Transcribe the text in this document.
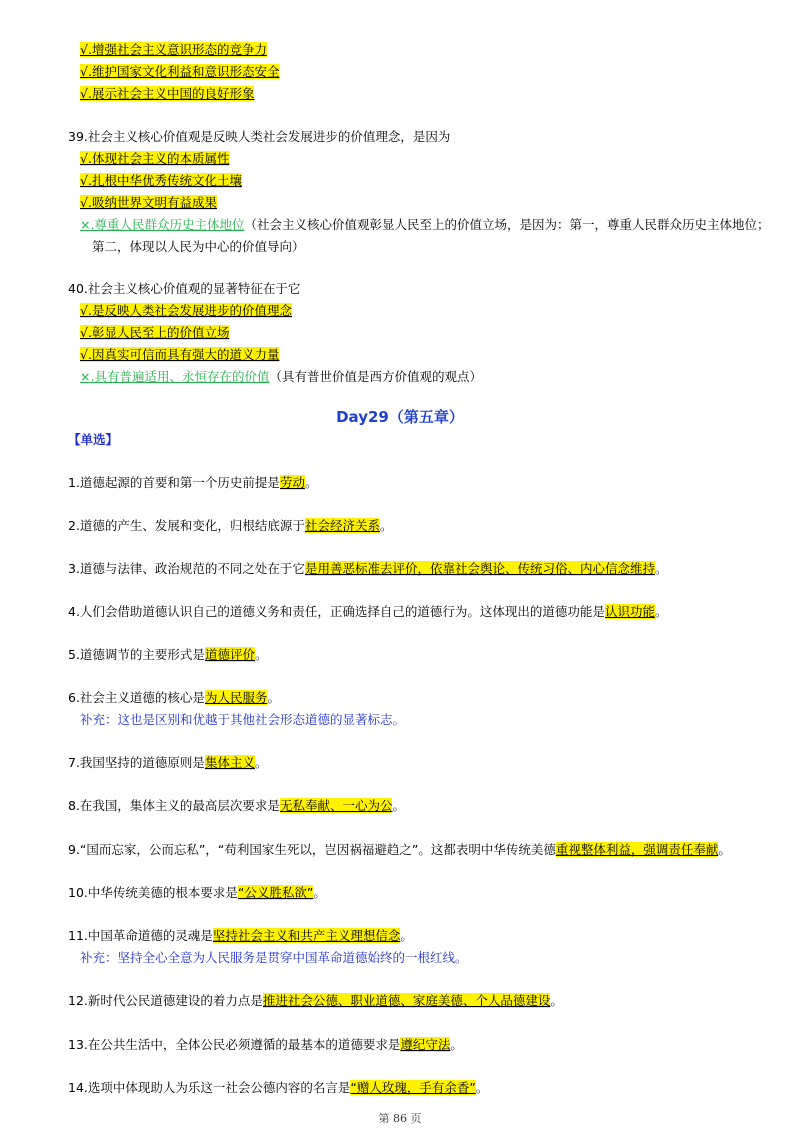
√.增强社会主义意识形态的竞争力
√.维护国家文化利益和意识形态安全
√.展示社会主义中国的良好形象
39.社会主义核心价值观是反映人类社会发展进步的价值理念，是因为
√.体现社会主义的本质属性
√.扎根中华优秀传统文化土壤
√.吸纳世界文明有益成果
×.尊重人民群众历史主体地位（社会主义核心价值观彰显人民至上的价值立场，是因为：第一，尊重人民群众历史主体地位；
第二，体现以人民为中心的价值导向）
40.社会主义核心价值观的显著特征在于它
√.是反映人类社会发展进步的价值理念
√.彰显人民至上的价值立场
√.因真实可信而具有强大的道义力量
×.具有普遍适用、永恒存在的价值（具有普世价值是西方价值观的观点）
Day29（第五章）
【单选】
1.道德起源的首要和第一个历史前提是劳动。
2.道德的产生、发展和变化，归根结底源于社会经济关系。
3.道德与法律、政治规范的不同之处在于它是用善恶标准去评价，依靠社会舆论、传统习俗、内心信念维持。
4.人们会借助道德认识自己的道德义务和责任，正确选择自己的道德行为。这体现出的道德功能是认识功能。
5.道德调节的主要形式是道德评价。
6.社会主义道德的核心是为人民服务。
补充：这也是区别和优越于其他社会形态道德的显著标志。
7.我国坚持的道德原则是集体主义。
8.在我国，集体主义的最高层次要求是无私奉献、一心为公。
9.“国而忘家，公而忘私”，“苟利国家生死以，岂因祸福避趋之”。这都表明中华传统美德重视整体利益，强调责任奉献。
10.中华传统美德的根本要求是“公义胜私欲”。
11.中国革命道德的灵魂是坚持社会主义和共产主义理想信念。
补充：坚持全心全意为人民服务是贯穿中国革命道德始终的一根红线。
12.新时代公民道德建设的着力点是推进社会公德、职业道德、家庭美德、个人品德建设。
13.在公共生活中，全体公民必须遵循的最基本的道德要求是遵纪守法。
14.选项中体现助人为乐这一社会公德内容的名言是“赠人玫瑰，手有余香”。
第 86 页
